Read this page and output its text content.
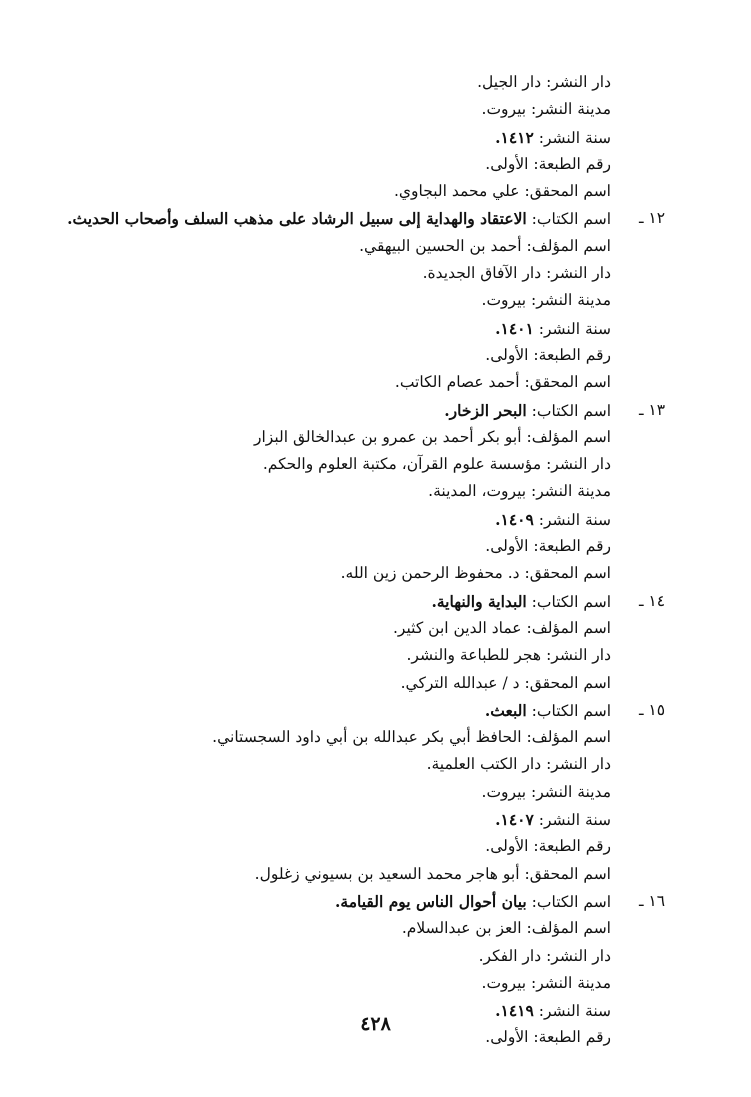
دار النشر: دار الجيل.
مدينة النشر: بيروت.
سنة النشر: ١٤١٢.
رقم الطبعة: الأولى.
اسم المحقق: علي محمد البجاوي.
١٢ ـ
اسم الكتاب: الاعتقاد والهداية إلى سبيل الرشاد على مذهب السلف وأصحاب الحديث.
اسم المؤلف: أحمد بن الحسين البيهقي.
دار النشر: دار الآفاق الجديدة.
مدينة النشر: بيروت.
سنة النشر: ١٤٠١.
رقم الطبعة: الأولى.
اسم المحقق: أحمد عصام الكاتب.
١٣ ـ
اسم الكتاب: البحر الزخار.
اسم المؤلف: أبو بكر أحمد بن عمرو بن عبدالخالق البزار
دار النشر: مؤسسة علوم القرآن، مكتبة العلوم والحكم.
مدينة النشر: بيروت، المدينة.
سنة النشر: ١٤٠٩.
رقم الطبعة: الأولى.
اسم المحقق: د. محفوظ الرحمن زين الله.
١٤ ـ
اسم الكتاب: البداية والنهاية.
اسم المؤلف: عماد الدين ابن كثير.
دار النشر: هجر للطباعة والنشر.
اسم المحقق: د / عبدالله التركي.
١٥ ـ
اسم الكتاب: البعث.
اسم المؤلف: الحافظ أبي بكر عبدالله بن أبي داود السجستاني.
دار النشر: دار الكتب العلمية.
مدينة النشر: بيروت.
سنة النشر: ١٤٠٧.
رقم الطبعة: الأولى.
اسم المحقق: أبو هاجر محمد السعيد بن بسيوني زغلول.
١٦ ـ
اسم الكتاب: بيان أحوال الناس يوم القيامة.
اسم المؤلف: العز بن عبدالسلام.
دار النشر: دار الفكر.
مدينة النشر: بيروت.
سنة النشر: ١٤١٩.
رقم الطبعة: الأولى.
٤٢٨
